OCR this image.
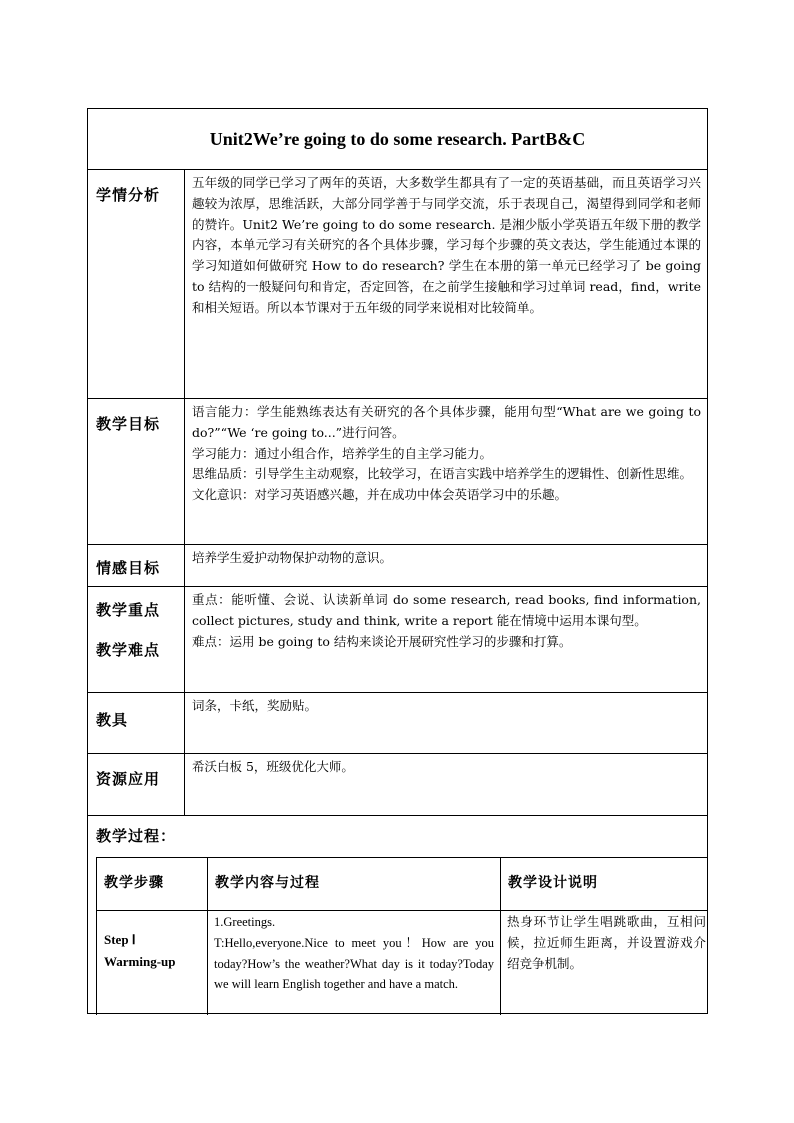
Unit2We’re going to do some research. PartB&C
学情分析

五年级的同学已学习了两年的英语，大多数学生都具有了一定的英语基础，而且英语学习兴趣较为浓厚，思维活跃，大部分同学善于与同学交流，乐于表现自己，渴望得到同学和老师的赞许。Unit2 We’re going to do some research. 是湘少版小学英语五年级下册的教学内容，本单元学习有关研究的各个具体步骤，学习每个步骤的英文表达，学生能通过本课的学习知道如何做研究 How to do research? 学生在本册的第一单元已经学习了 be going to 结构的一般疑问句和肯定，否定回答，在之前学生接触和学习过单词 read，find，write 和相关短语。所以本节课对于五年级的同学来说相对比较简单。

教学目标

语言能力：学生能熟练表达有关研究的各个具体步骤，能用句型“What are we going to do?”“We ‘re going to...”进行问答。

学习能力：通过小组合作，培养学生的自主学习能力。

思维品质：引导学生主动观察，比较学习，在语言实践中培养学生的逻辑性、创新性思维。

文化意识：对学习英语感兴趣，并在成功中体会英语学习中的乐趣。

情感目标

培养学生爱护动物保护动物的意识。

教学重点
教学难点

重点：能听懂、会说、认读新单词 do some research, read books, find information, collect pictures, study and think, write a report 能在情境中运用本课句型。

难点：运用 be going to 结构来谈论开展研究性学习的步骤和打算。

教具

词条，卡纸，奖励贴。

资源应用

希沃白板 5，班级优化大师。

教学过程：
教学步骤	教学内容与过程	教学设计说明
Step Ⅰ
Warming-up
1.Greetings.
T:Hello,everyone.Nice to meet you！How are you today?How’s the weather?What day is it today?Today we will learn English together and have a match.
热身环节让学生唱跳歌曲，互相问候，拉近师生距离，并设置游戏介绍竞争机制。
